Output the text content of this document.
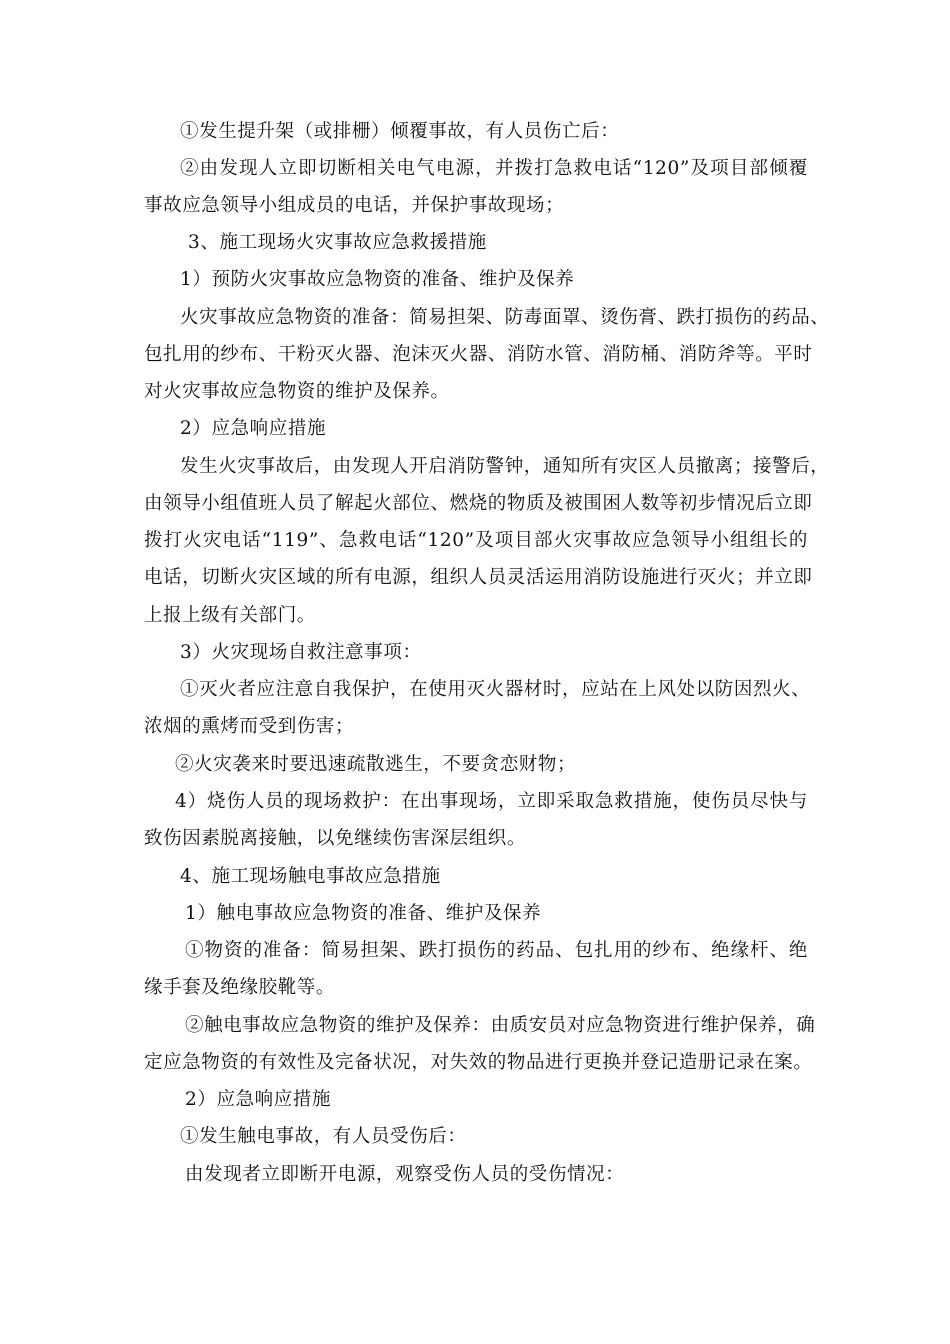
①发生提升架（或排栅）倾覆事故，有人员伤亡后：
②由发现人立即切断相关电气电源，并拨打急救电话“120”及项目部倾覆
事故应急领导小组成员的电话，并保护事故现场；
3、施工现场火灾事故应急救援措施
1）预防火灾事故应急物资的准备、维护及保养
火灾事故应急物资的准备：简易担架、防毒面罩、烫伤膏、跌打损伤的药品、
包扎用的纱布、干粉灭火器、泡沫灭火器、消防水管、消防桶、消防斧等。平时
对火灾事故应急物资的维护及保养。
2）应急响应措施
发生火灾事故后，由发现人开启消防警钟，通知所有灾区人员撤离；接警后，
由领导小组值班人员了解起火部位、燃烧的物质及被围困人数等初步情况后立即
拨打火灾电话“119”、急救电话“120”及项目部火灾事故应急领导小组组长的
电话，切断火灾区域的所有电源，组织人员灵活运用消防设施进行灭火；并立即
上报上级有关部门。
3）火灾现场自救注意事项：
①灭火者应注意自我保护，在使用灭火器材时，应站在上风处以防因烈火、
浓烟的熏烤而受到伤害；
②火灾袭来时要迅速疏散逃生，不要贪恋财物；
4）烧伤人员的现场救护：在出事现场，立即采取急救措施，使伤员尽快与
致伤因素脱离接触，以免继续伤害深层组织。
4、施工现场触电事故应急措施
1）触电事故应急物资的准备、维护及保养
①物资的准备：简易担架、跌打损伤的药品、包扎用的纱布、绝缘杆、绝
缘手套及绝缘胶靴等。
②触电事故应急物资的维护及保养：由质安员对应急物资进行维护保养，确
定应急物资的有效性及完备状况，对失效的物品进行更换并登记造册记录在案。
2）应急响应措施
①发生触电事故，有人员受伤后：
由发现者立即断开电源，观察受伤人员的受伤情况：
